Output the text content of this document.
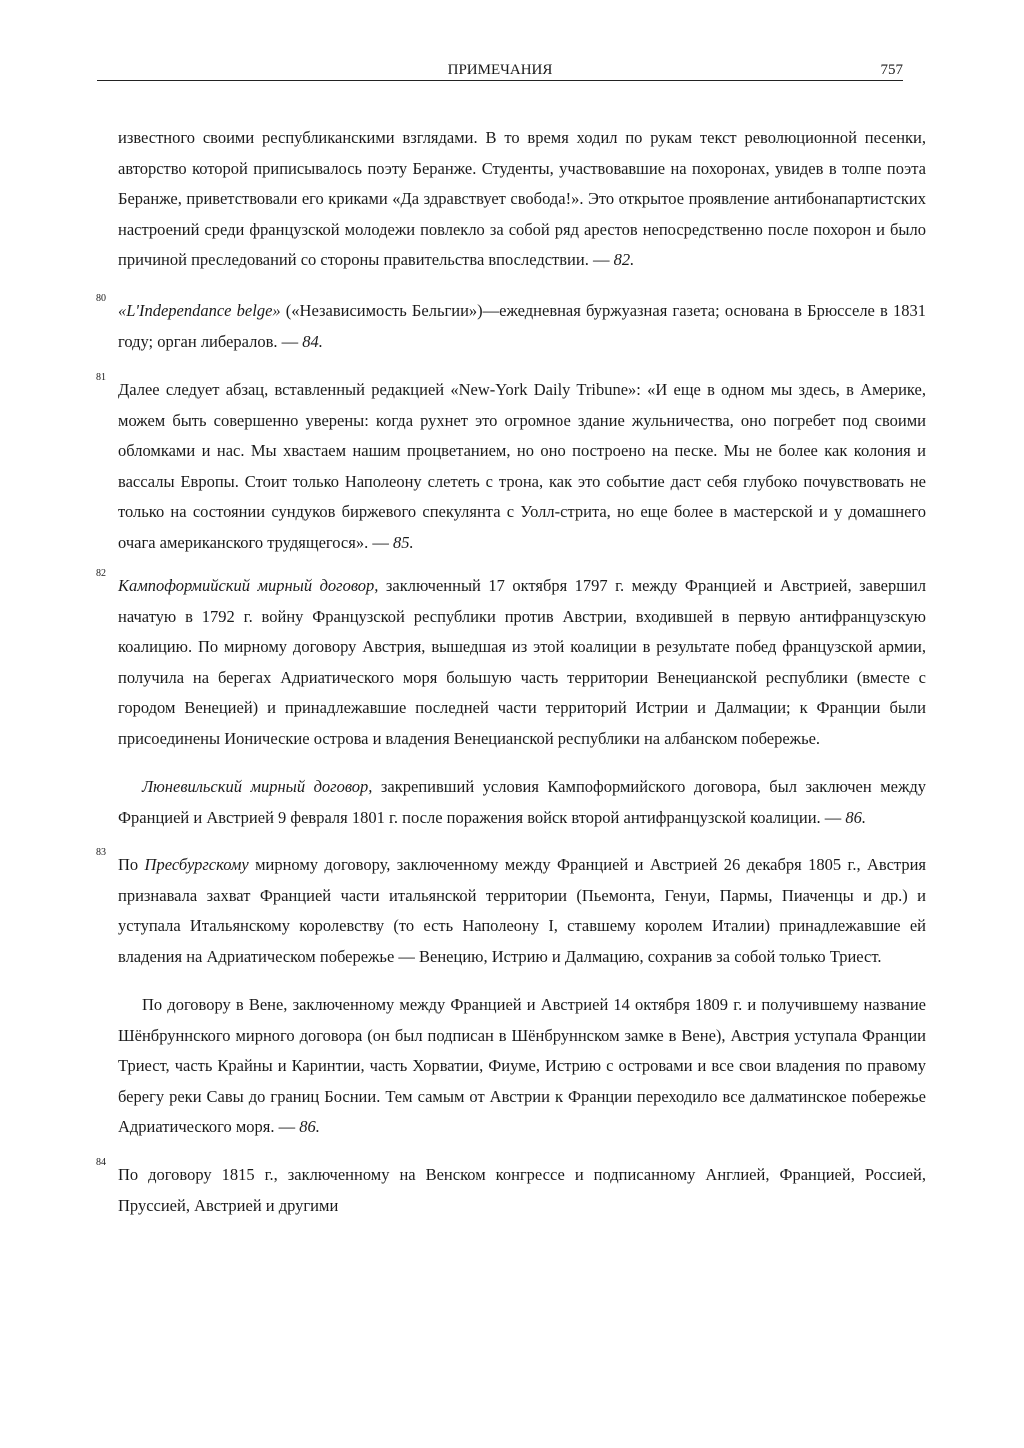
ПРИМЕЧАНИЯ	757

известного своими республиканскими взглядами. В то время ходил по рукам текст революционной песенки, авторство которой приписывалось поэту Беранже. Студенты, участвовавшие на похоронах, увидев в толпе поэта Беранже, приветствовали его криками «Да здравствует свобода!». Это открытое проявление антибонапартистских настроений среди французской молодежи повлекло за собой ряд арестов непосредственно после похорон и было причиной преследований со стороны правительства впоследствии. — 82.

80
«L'Independance belge» («Независимость Бельгии»)—ежедневная буржуазная газета; основана в Брюсселе в 1831 году; орган либералов. — 84.

81
Далее следует абзац, вставленный редакцией «New-York Daily Tribune»: «И еще в одном мы здесь, в Америке, можем быть совершенно уверены: когда рухнет это огромное здание жульничества, оно погребет под своими обломками и нас. Мы хвастаем нашим процветанием, но оно построено на песке. Мы не более как колония и вассалы Европы. Стоит только Наполеону слететь с трона, как это событие даст себя глубоко почувствовать не только на состоянии сундуков биржевого спекулянта с Уолл-стрита, но еще более в мастерской и у домашнего очага американского трудящегося». — 85.

82
Кампоформийский мирный договор, заключенный 17 октября 1797 г. между Францией и Австрией, завершил начатую в 1792 г. войну Французской республики против Австрии, входившей в первую антифранцузскую коалицию. По мирному договору Австрия, вышедшая из этой коалиции в результате побед французской армии, получила на берегах Адриатического моря большую часть территории Венецианской республики (вместе с городом Венецией) и принадлежавшие последней части территорий Истрии и Далмации; к Франции были присоединены Ионические острова и владения Венецианской республики на албанском побережье.

Люневильский мирный договор, закрепивший условия Кампоформийского договора, был заключен между Францией и Австрией 9 февраля 1801 г. после поражения войск второй антифранцузской коалиции. — 86.

83
По Пресбургскому мирному договору, заключенному между Францией и Австрией 26 декабря 1805 г., Австрия признавала захват Францией части итальянской территории (Пьемонта, Генуи, Пармы, Пиаченцы и др.) и уступала Итальянскому королевству (то есть Наполеону I, ставшему королем Италии) принадлежавшие ей владения на Адриатическом побережье — Венецию, Истрию и Далмацию, сохранив за собой только Триест.

По договору в Вене, заключенному между Францией и Австрией 14 октября 1809 г. и получившему название Шёнбруннского мирного договора (он был подписан в Шёнбруннском замке в Вене), Австрия уступала Франции Триест, часть Крайны и Каринтии, часть Хорватии, Фиуме, Истрию с островами и все свои владения по правому берегу реки Савы до границ Боснии. Тем самым от Австрии к Франции переходило все далматинское побережье Адриатического моря. — 86.

84
По договору 1815 г., заключенному на Венском конгрессе и подписанному Англией, Францией, Россией, Пруссией, Австрией и другими
